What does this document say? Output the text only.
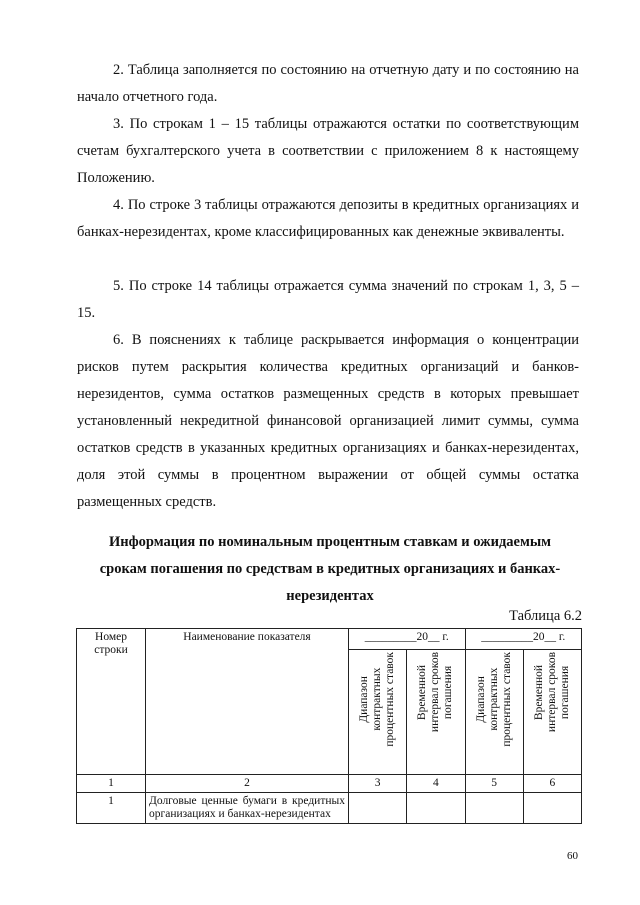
2. Таблица заполняется по состоянию на отчетную дату и по состоянию на начало отчетного года.

3. По строкам 1 – 15 таблицы отражаются остатки по соответствующим счетам бухгалтерского учета в соответствии с приложением 8 к настоящему Положению.

4. По строке 3 таблицы отражаются депозиты в кредитных организациях и банках-нерезидентах, кроме классифицированных как денежные эквиваленты.

5. По строке 14 таблицы отражается сумма значений по строкам 1, 3, 5 – 15.

6. В пояснениях к таблице раскрывается информация о концентрации рисков путем раскрытия количества кредитных организаций и банков-нерезидентов, сумма остатков размещенных средств в которых превышает установленный некредитной финансовой организацией лимит суммы, сумма остатков средств в указанных кредитных организациях и банках-нерезидентах, доля этой суммы в процентном выражении от общей суммы остатка размещенных средств.

Информация по номинальным процентным ставкам и ожидаемым
срокам погашения по средствам в кредитных организациях и банках-
нерезидентах

Таблица 6.2

Номер строки	Наименование показателя	_________20__ г.		_________20__ г.	
		Диапазон
контрактных
процентных ставок	Временной
интервал сроков
погашения	Диапазон
контрактных
процентных ставок	Временной
интервал сроков
погашения
1	2	3	4	5	6
1	Долговые ценные бумаги в кредитных организациях и банках-нерезидентах				

60
